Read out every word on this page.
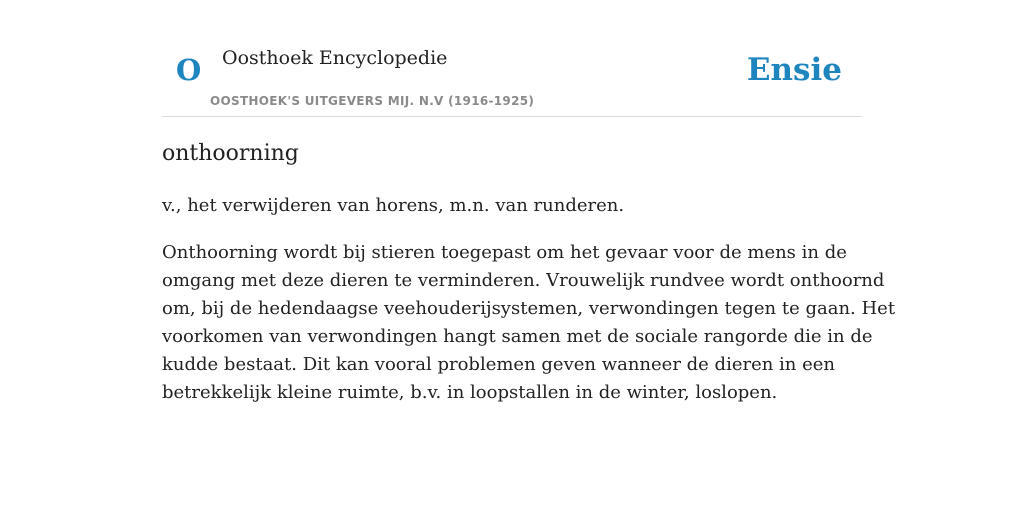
O Oosthoek Encyclopedie
OOSTHOEK'S UITGEVERS MIJ. N.V (1916-1925)
Ensie
onthoorning

v., het verwijderen van horens, m.n. van runderen.

Onthoorning wordt bij stieren toegepast om het gevaar voor de mens in de
omgang met deze dieren te verminderen. Vrouwelijk rundvee wordt onthoornd
om, bij de hedendaagse veehouderijsystemen, verwondingen tegen te gaan. Het
voorkomen van verwondingen hangt samen met de sociale rangorde die in de
kudde bestaat. Dit kan vooral problemen geven wanneer de dieren in een
betrekkelijk kleine ruimte, b.v. in loopstallen in de winter, loslopen.
